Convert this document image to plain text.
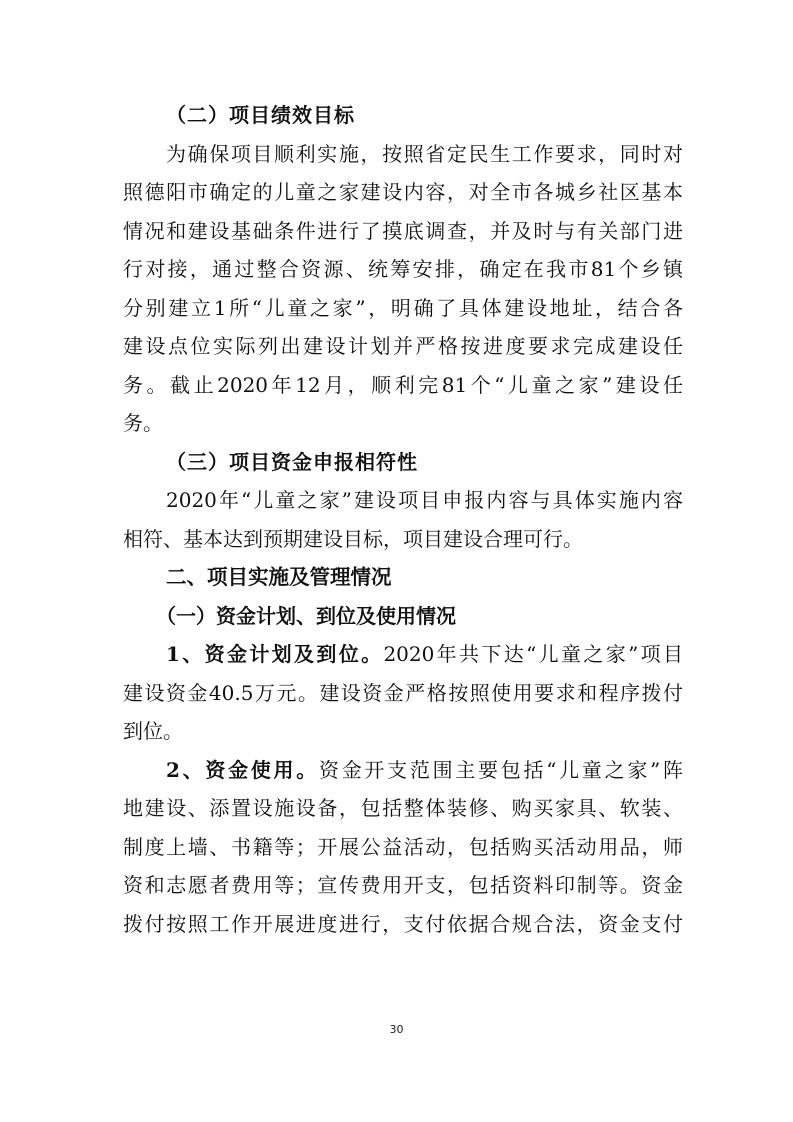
（二）项目绩效目标
为确保项目顺利实施，按照省定民生工作要求，同时对
照德阳市确定的儿童之家建设内容，对全市各城乡社区基本
情况和建设基础条件进行了摸底调查，并及时与有关部门进
行对接，通过整合资源、统筹安排，确定在我市81个乡镇
分别建立1所“儿童之家”，明确了具体建设地址，结合各
建设点位实际列出建设计划并严格按进度要求完成建设任
务。截止2020年12月，顺利完81个“儿童之家”建设任
务。
（三）项目资金申报相符性
2020年“儿童之家”建设项目申报内容与具体实施内容
相符、基本达到预期建设目标，项目建设合理可行。
二、项目实施及管理情况
（一）资金计划、到位及使用情况
1、资金计划及到位。2020年共下达“儿童之家”项目
建设资金40.5万元。建设资金严格按照使用要求和程序拨付
到位。
2、资金使用。资金开支范围主要包括“儿童之家”阵
地建设、添置设施设备，包括整体装修、购买家具、软装、
制度上墙、书籍等；开展公益活动，包括购买活动用品，师
资和志愿者费用等；宣传费用开支，包括资料印制等。资金
拨付按照工作开展进度进行，支付依据合规合法，资金支付
30
